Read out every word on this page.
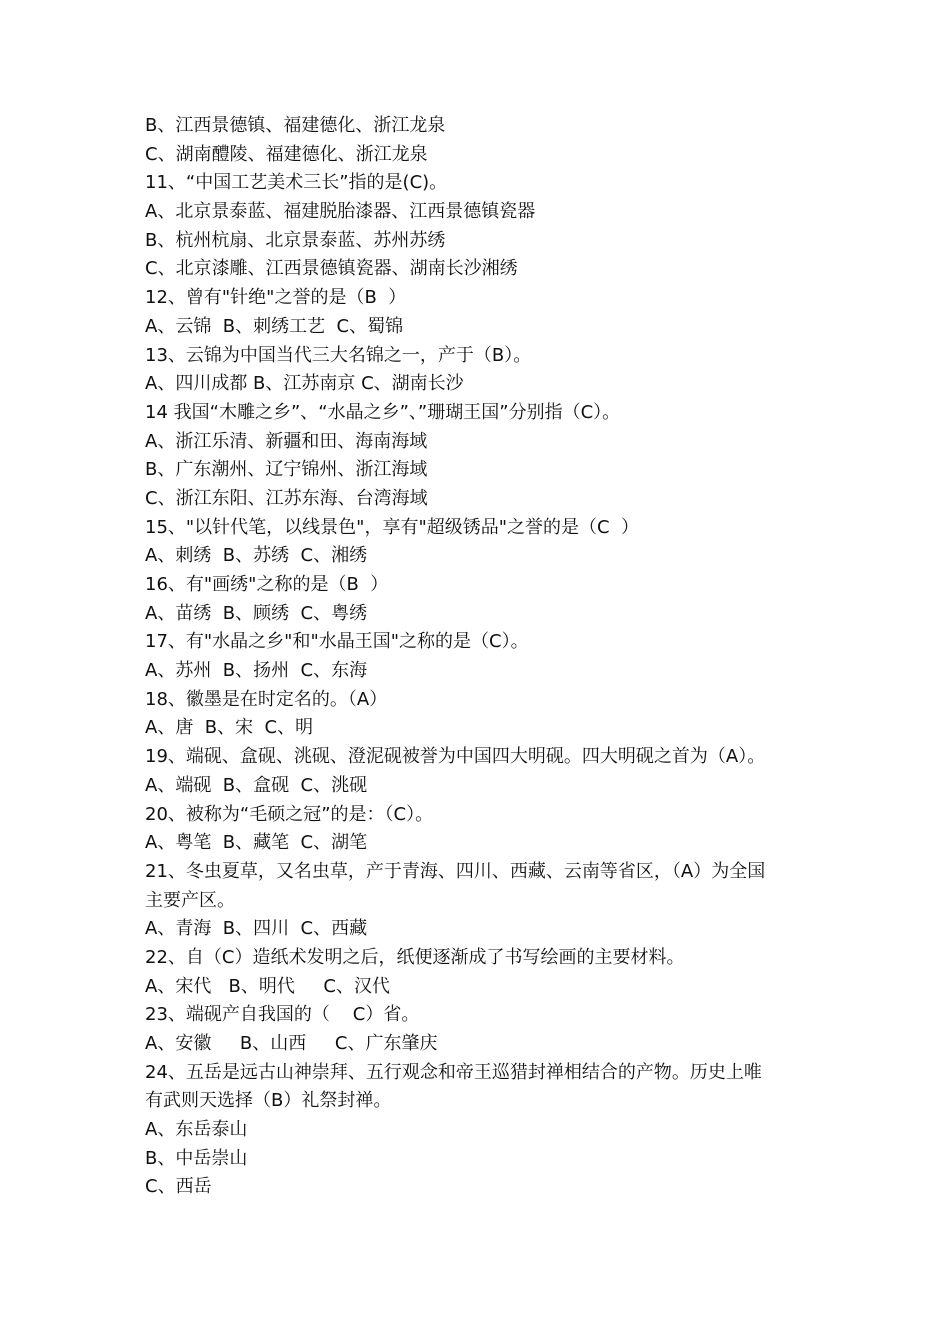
B、江西景德镇、福建德化、浙江龙泉
C、湖南醴陵、福建德化、浙江龙泉
11、“中国工艺美术三长”指的是(C)。
A、北京景泰蓝、福建脱胎漆器、江西景德镇瓷器
B、杭州杭扇、北京景泰蓝、苏州苏绣
C、北京漆雕、江西景德镇瓷器、湖南长沙湘绣
12、曾有"针绝"之誉的是（B  ）
A、云锦  B、刺绣工艺  C、蜀锦
13、云锦为中国当代三大名锦之一，产于（B）。
A、四川成都 B、江苏南京 C、湖南长沙
14 我国“木雕之乡”、“水晶之乡”、”珊瑚王国”分别指（C）。
A、浙江乐清、新疆和田、海南海域
B、广东潮州、辽宁锦州、浙江海域
C、浙江东阳、江苏东海、台湾海域
15、"以针代笔，以线景色"，享有"超级锈品"之誉的是（C  ）
A、刺绣  B、苏绣  C、湘绣
16、有"画绣"之称的是（B  ）
A、苗绣  B、顾绣  C、粤绣
17、有"水晶之乡"和"水晶王国"之称的是（C）。
A、苏州  B、扬州  C、东海
18、徽墨是在时定名的。（A）
A、唐  B、宋  C、明
19、端砚、盒砚、洮砚、澄泥砚被誉为中国四大明砚。四大明砚之首为（A）。
A、端砚  B、盒砚  C、洮砚
20、被称为“毛硕之冠”的是：（C）。
A、粤笔  B、藏笔  C、湖笔
21、冬虫夏草，又名虫草，产于青海、四川、西藏、云南等省区，（A）为全国
主要产区。
A、青海  B、四川  C、西藏
22、自（C）造纸术发明之后，纸便逐渐成了书写绘画的主要材料。
A、宋代   B、明代     C、汉代
23、端砚产自我国的（    C）省。
A、安徽     B、山西     C、广东肇庆
24、五岳是远古山神崇拜、五行观念和帝王巡猎封禅相结合的产物。历史上唯
有武则天选择（B）礼祭封禅。
A、东岳泰山
B、中岳崇山
C、西岳
